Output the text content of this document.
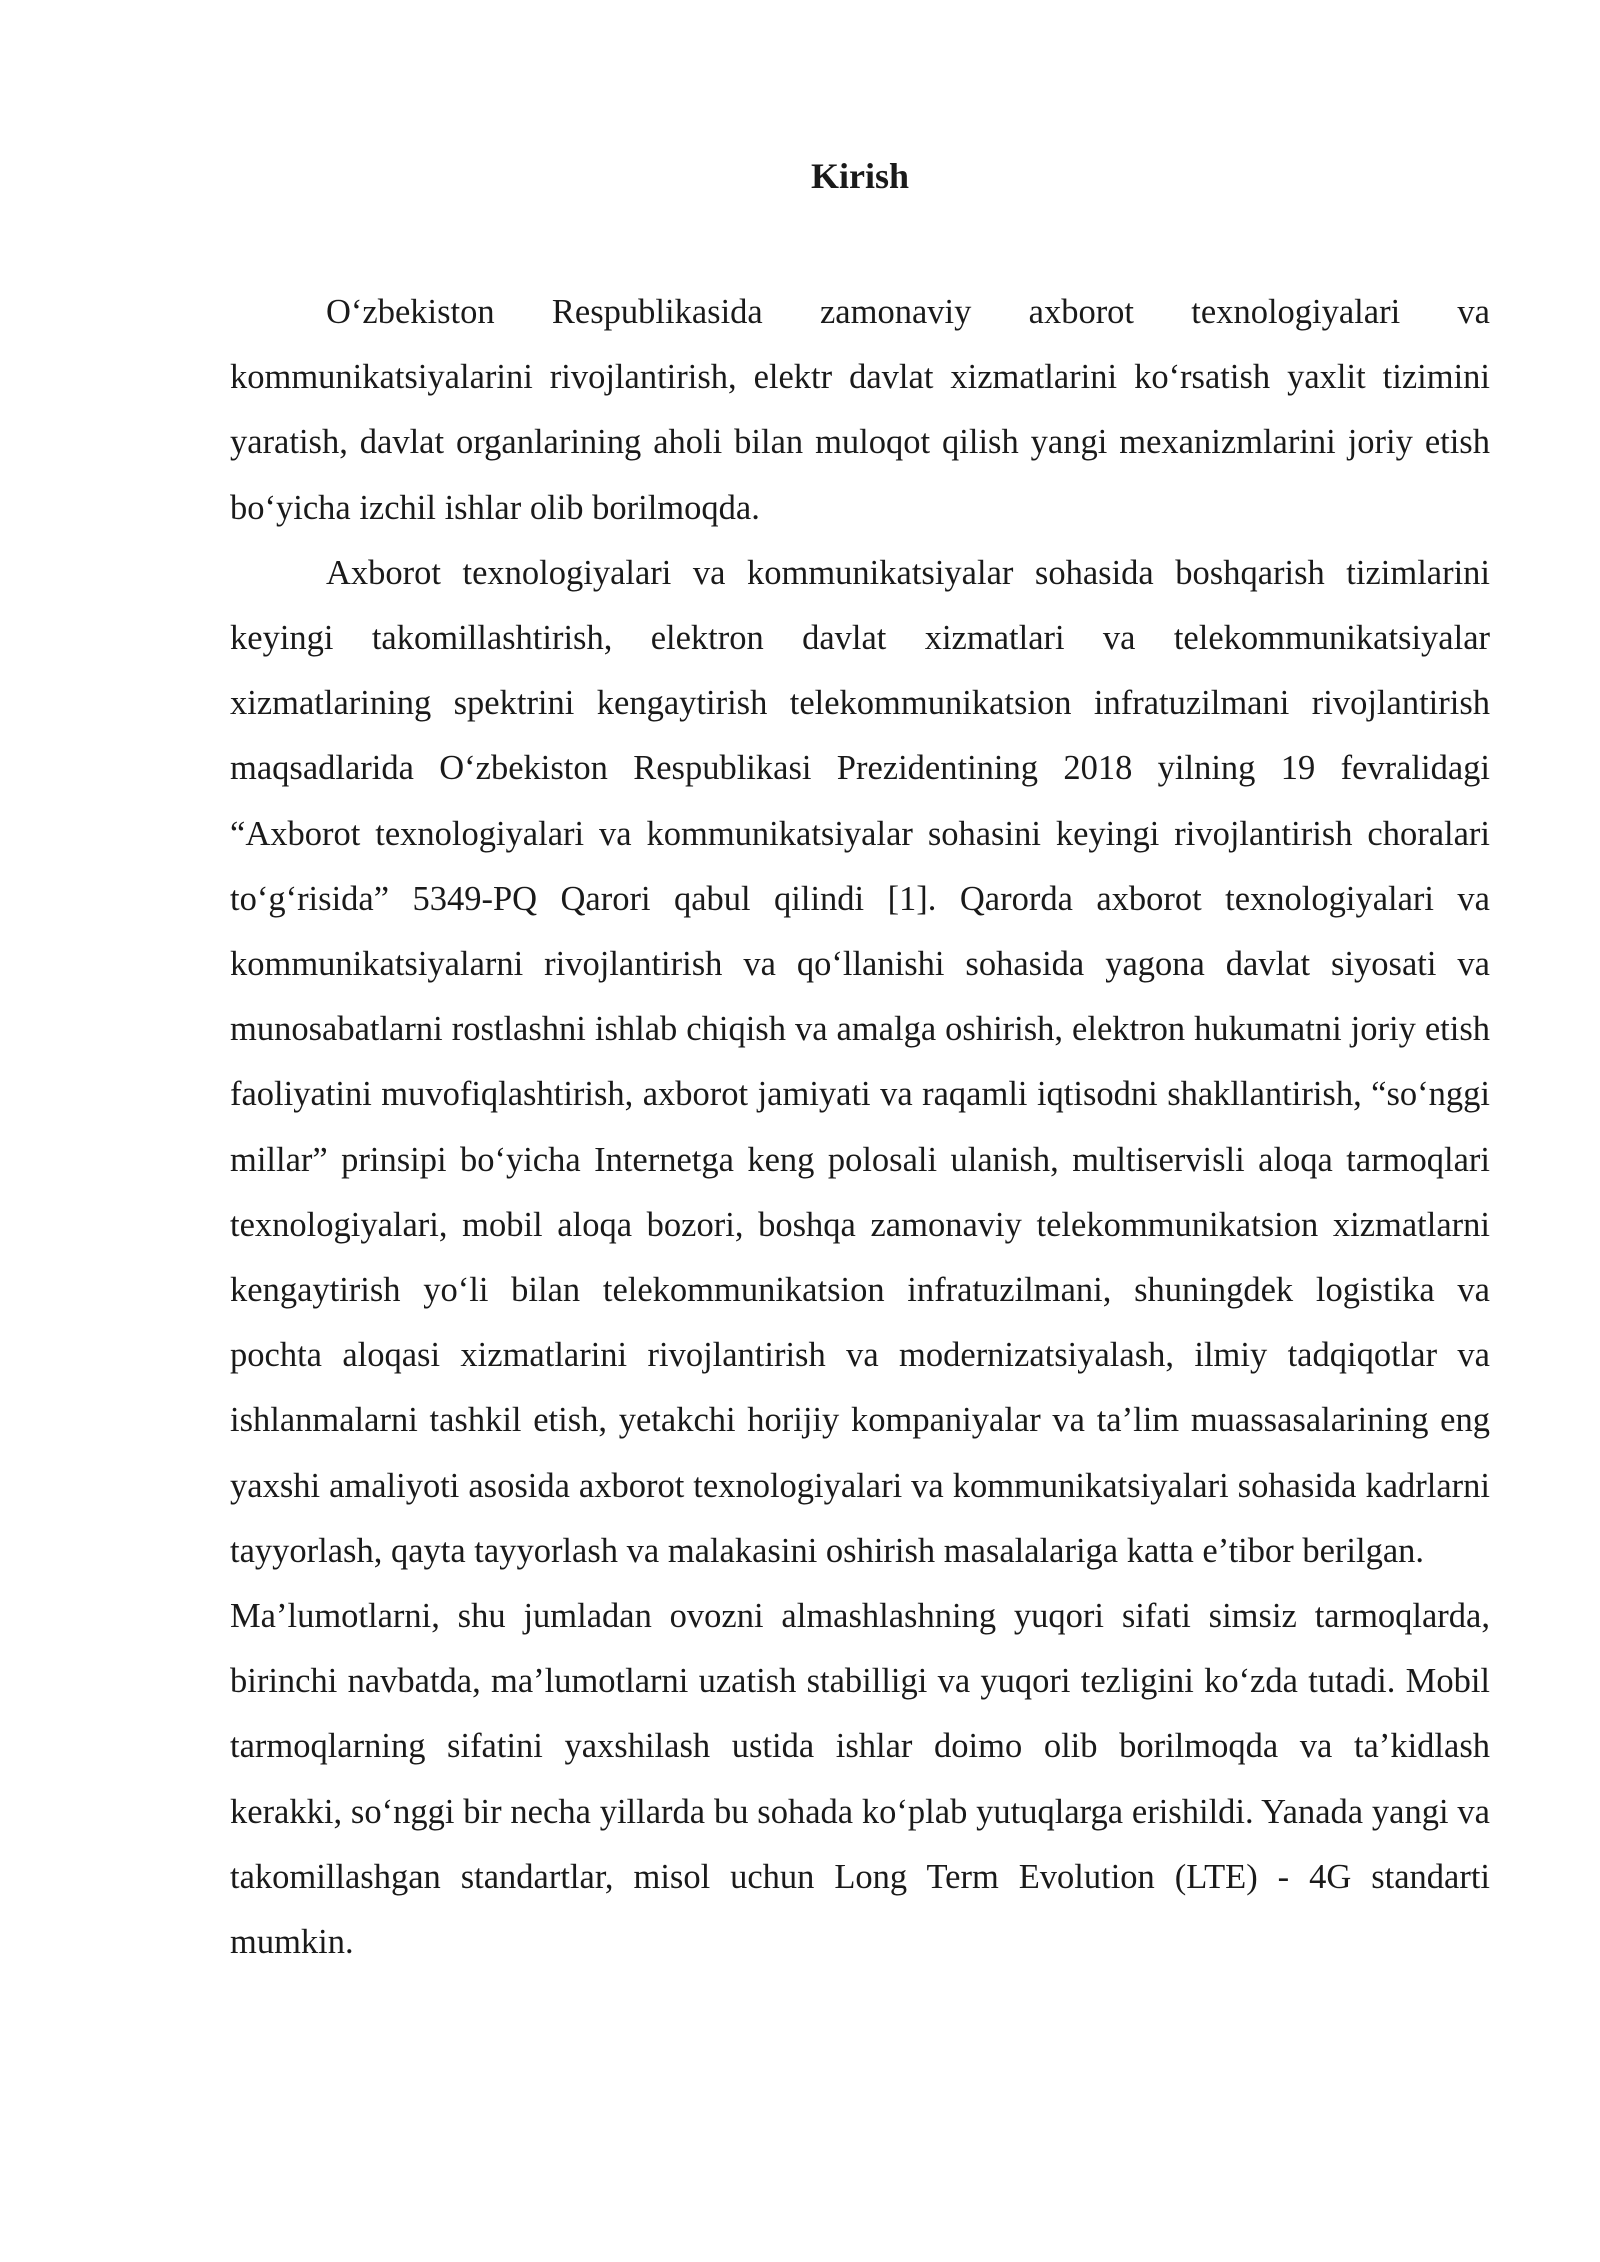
Kirish

O‘zbekiston Respublikasida zamonaviy axborot texnologiyalari va kommunikatsiyalarini rivojlantirish, elektr davlat xizmatlarini ko‘rsatish yaxlit tizimini yaratish, davlat organlarining aholi bilan muloqot qilish yangi mexanizmlarini joriy etish bo‘yicha izchil ishlar olib borilmoqda.

Axborot texnologiyalari va kommunikatsiyalar sohasida boshqarish tizimlarini keyingi takomillashtirish, elektron davlat xizmatlari va telekommunikatsiyalar xizmatlarining spektrini kengaytirish telekommunikatsion infratuzilmani rivojlantirish maqsadlarida O‘zbekiston Respublikasi Prezidentining 2018 yilning 19 fevralidagi “Axborot texnologiyalari va kommunikatsiyalar sohasini keyingi rivojlantirish choralari to‘g‘risida” 5349-PQ Qarori qabul qilindi [1]. Qarorda axborot texnologiyalari va kommunikatsiyalarni rivojlantirish va qo‘llanishi sohasida yagona davlat siyosati va munosabatlarni rostlashni ishlab chiqish va amalga oshirish, elektron hukumatni joriy etish faoliyatini muvofiqlashtirish, axborot jamiyati va raqamli iqtisodni shakllantirish, “so‘nggi millar” prinsipi bo‘yicha Internetga keng polosali ulanish, multiservisli aloqa tarmoqlari texnologiyalari, mobil aloqa bozori, boshqa zamonaviy telekommunikatsion xizmatlarni kengaytirish yo‘li bilan telekommunikatsion infratuzilmani, shuningdek logistika va pochta aloqasi xizmatlarini rivojlantirish va modernizatsiyalash, ilmiy tadqiqotlar va ishlanmalarni tashkil etish, yetakchi horijiy kompaniyalar va ta’lim muassasalarining eng yaxshi amaliyoti asosida axborot texnologiyalari va kommunikatsiyalari sohasida kadrlarni tayyorlash, qayta tayyorlash va malakasini oshirish masalalariga katta e’tibor berilgan.

Ma’lumotlarni, shu jumladan ovozni almashlashning yuqori sifati simsiz tarmoqlarda, birinchi navbatda, ma’lumotlarni uzatish stabilligi va yuqori tezligini ko‘zda tutadi. Mobil tarmoqlarning sifatini yaxshilash ustida ishlar doimo olib borilmoqda va ta’kidlash kerakki, so‘nggi bir necha yillarda bu sohada ko‘plab yutuqlarga erishildi. Yanada yangi va takomillashgan standartlar, misol uchun Long Term Evolution (LTE) - 4G standarti mumkin.
